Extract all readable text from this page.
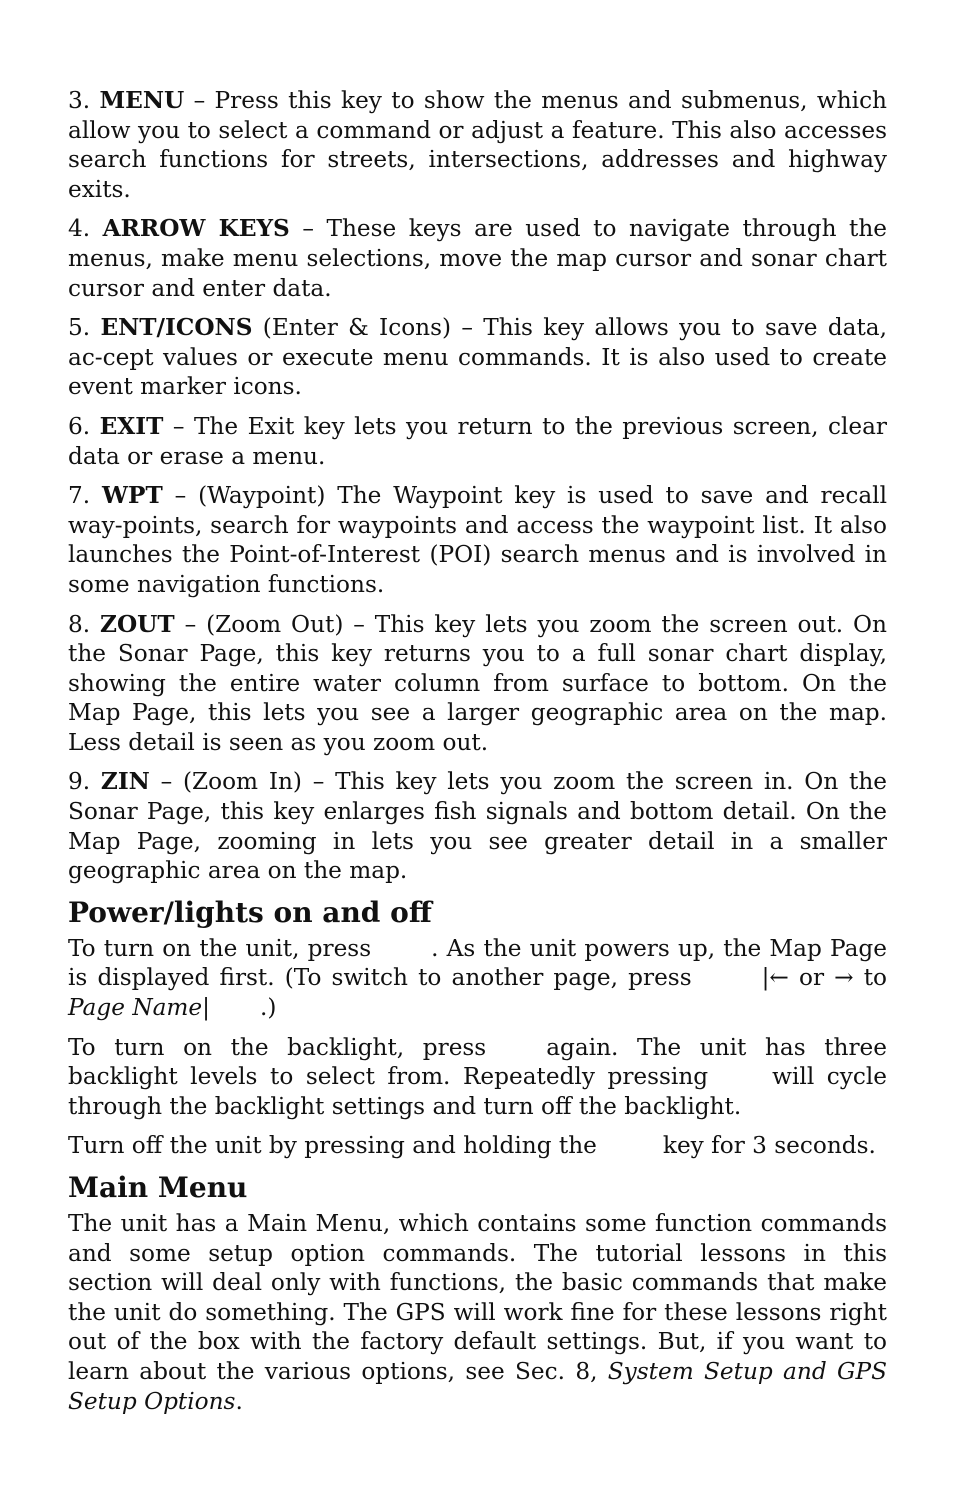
3. MENU – Press this key to show the menus and submenus, which allow you to select a command or adjust a feature. This also accesses search functions for streets, intersections, addresses and highway exits.

4. ARROW KEYS – These keys are used to navigate through the menus, make menu selections, move the map cursor and sonar chart cursor and enter data.

5. ENT/ICONS (Enter & Icons) – This key allows you to save data, ac-cept values or execute menu commands. It is also used to create event marker icons.

6. EXIT – The Exit key lets you return to the previous screen, clear data or erase a menu.

7. WPT – (Waypoint) The Waypoint key is used to save and recall way-points, search for waypoints and access the waypoint list. It also launches the Point-of-Interest (POI) search menus and is involved in some navigation functions.

8. ZOUT – (Zoom Out) – This key lets you zoom the screen out. On the Sonar Page, this key returns you to a full sonar chart display, showing the entire water column from surface to bottom. On the Map Page, this lets you see a larger geographic area on the map. Less detail is seen as you zoom out.

9. ZIN – (Zoom In) – This key lets you zoom the screen in. On the Sonar Page, this key enlarges fish signals and bottom detail. On the Map Page, zooming in lets you see greater detail in a smaller geographic area on the map.

Power/lights on and off

To turn on the unit, press	. As the unit powers up, the Map Page is displayed first. (To switch to another page, press	|← or → to Page Name| .)

To turn on the backlight, press	again. The unit has three backlight levels to select from. Repeatedly pressing	will cycle through the backlight settings and turn off the backlight.

Turn off the unit by pressing and holding the	key for 3 seconds.

Main Menu

The unit has a Main Menu, which contains some function commands and some setup option commands. The tutorial lessons in this section will deal only with functions, the basic commands that make the unit do something. The GPS will work fine for these lessons right out of the box with the factory default settings. But, if you want to learn about the various options, see Sec. 8, System Setup and GPS Setup Options.
